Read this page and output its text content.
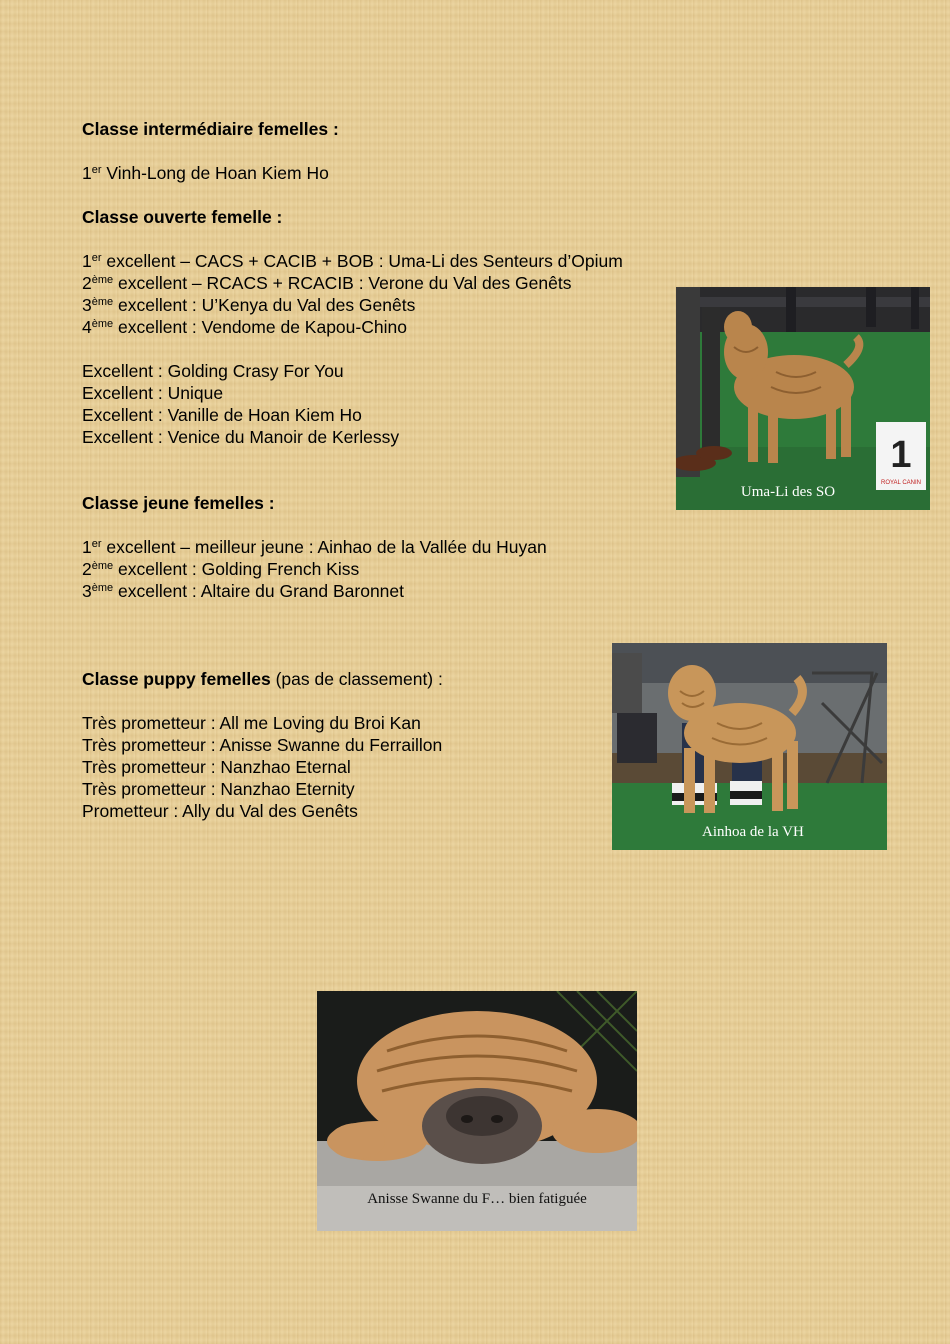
Classe intermédiaire femelles :
1er Vinh-Long de Hoan Kiem Ho
Classe ouverte femelle :
1er excellent – CACS + CACIB + BOB : Uma-Li des Senteurs d’Opium
2ème excellent – RCACS + RCACIB : Verone du Val des Genêts
3ème excellent : U’Kenya du Val des Genêts
4ème excellent : Vendome de Kapou-Chino
Excellent : Golding Crasy For You
Excellent : Unique
Excellent : Vanille de Hoan Kiem Ho
Excellent : Venice du Manoir de Kerlessy
Classe jeune femelles :
1er excellent – meilleur jeune : Ainhao de la Vallée du Huyan
2ème excellent : Golding French Kiss
3ème excellent : Altaire du Grand Baronnet
Classe puppy femelles (pas de classement) :
Très prometteur : All me Loving du Broi Kan
Très prometteur : Anisse Swanne du Ferraillon
Très prometteur : Nanzhao Eternal
Très prometteur : Nanzhao Eternity
Prometteur : Ally du Val des Genêts
1
ROYAL CANIN
Uma-Li des SO
Ainhoa de la VH
Anisse Swanne du F… bien fatiguée
